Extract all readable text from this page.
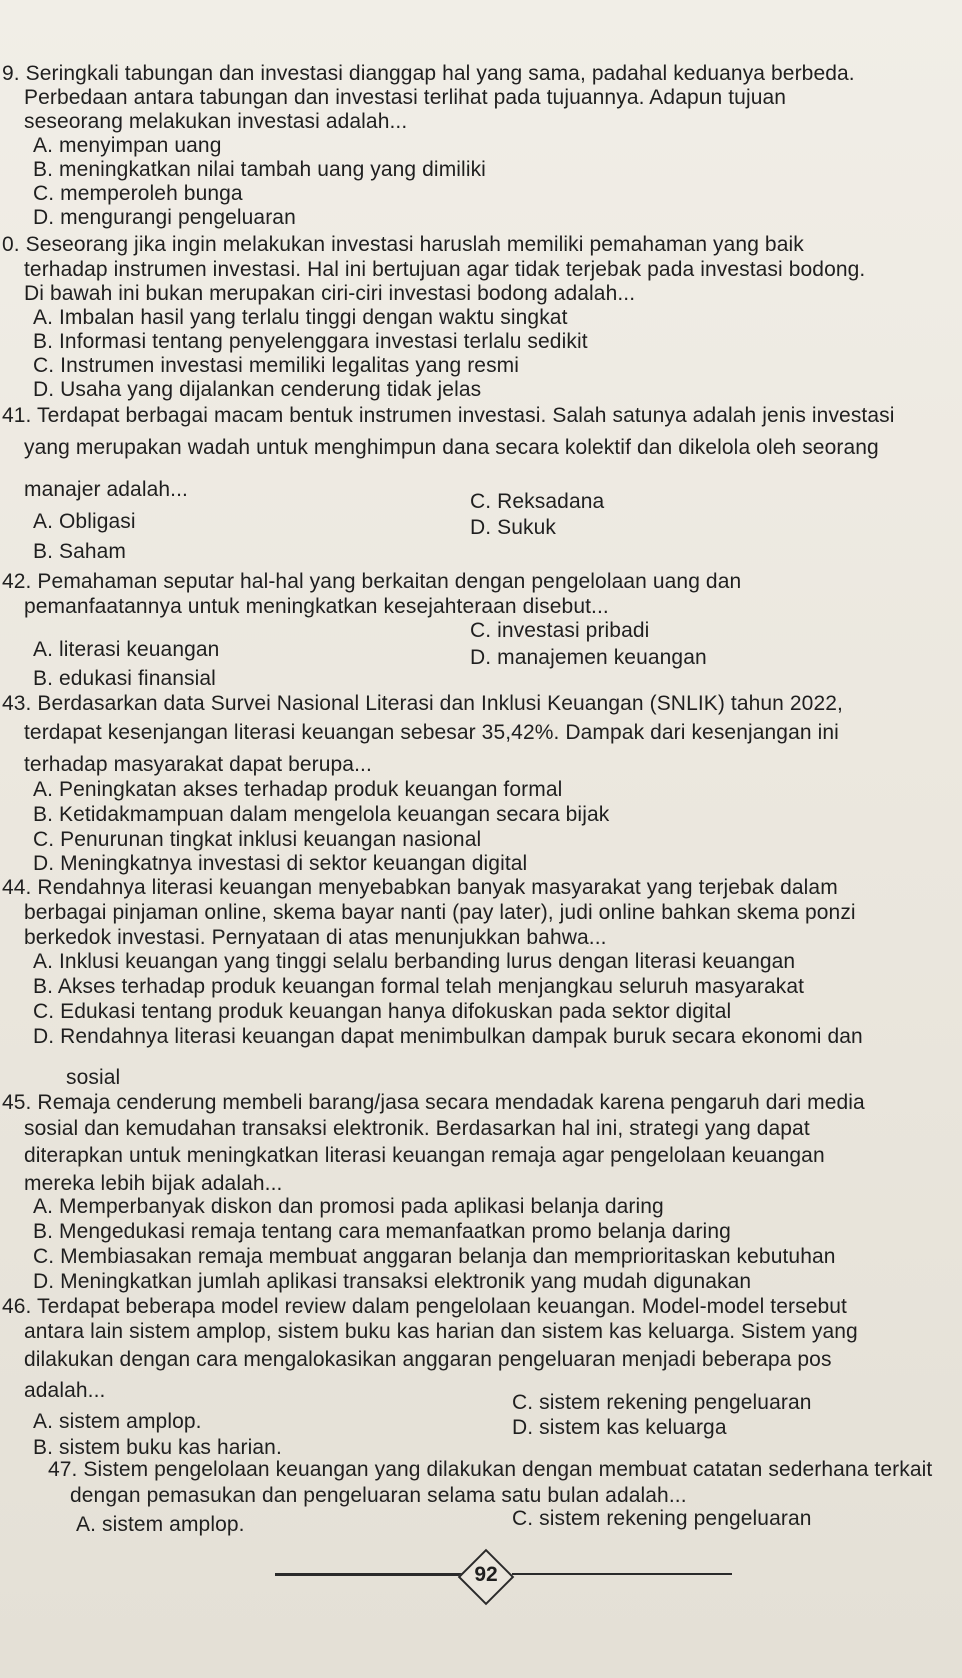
9. Seringkali tabungan dan investasi dianggap hal yang sama, padahal keduanya berbeda.
Perbedaan antara tabungan dan investasi terlihat pada tujuannya. Adapun tujuan
seseorang melakukan investasi adalah...
A. menyimpan uang
B. meningkatkan nilai tambah uang yang dimiliki
C. memperoleh bunga
D. mengurangi pengeluaran
0. Seseorang jika ingin melakukan investasi haruslah memiliki pemahaman yang baik
terhadap instrumen investasi. Hal ini bertujuan agar tidak terjebak pada investasi bodong.
Di bawah ini bukan merupakan ciri-ciri investasi bodong adalah...
A. Imbalan hasil yang terlalu tinggi dengan waktu singkat
B. Informasi tentang penyelenggara investasi terlalu sedikit
C. Instrumen investasi memiliki legalitas yang resmi
D. Usaha yang dijalankan cenderung tidak jelas
41. Terdapat berbagai macam bentuk instrumen investasi. Salah satunya adalah jenis investasi
yang merupakan wadah untuk menghimpun dana secara kolektif dan dikelola oleh seorang
manajer adalah...
C. Reksadana
A. Obligasi	D. Sukuk
B. Saham
42. Pemahaman seputar hal-hal yang berkaitan dengan pengelolaan uang dan
pemanfaatannya untuk meningkatkan kesejahteraan disebut...
C. investasi pribadi
A. literasi keuangan	D. manajemen keuangan
B. edukasi finansial
43. Berdasarkan data Survei Nasional Literasi dan Inklusi Keuangan (SNLIK) tahun 2022,
terdapat kesenjangan literasi keuangan sebesar 35,42%. Dampak dari kesenjangan ini
terhadap masyarakat dapat berupa...
A. Peningkatan akses terhadap produk keuangan formal
B. Ketidakmampuan dalam mengelola keuangan secara bijak
C. Penurunan tingkat inklusi keuangan nasional
D. Meningkatnya investasi di sektor keuangan digital
44. Rendahnya literasi keuangan menyebabkan banyak masyarakat yang terjebak dalam
berbagai pinjaman online, skema bayar nanti (pay later), judi online bahkan skema ponzi
berkedok investasi. Pernyataan di atas menunjukkan bahwa...
A. Inklusi keuangan yang tinggi selalu berbanding lurus dengan literasi keuangan
B. Akses terhadap produk keuangan formal telah menjangkau seluruh masyarakat
C. Edukasi tentang produk keuangan hanya difokuskan pada sektor digital
D. Rendahnya literasi keuangan dapat menimbulkan dampak buruk secara ekonomi dan
sosial
45. Remaja cenderung membeli barang/jasa secara mendadak karena pengaruh dari media
sosial dan kemudahan transaksi elektronik. Berdasarkan hal ini, strategi yang dapat
diterapkan untuk meningkatkan literasi keuangan remaja agar pengelolaan keuangan
mereka lebih bijak adalah...
A. Memperbanyak diskon dan promosi pada aplikasi belanja daring
B. Mengedukasi remaja tentang cara memanfaatkan promo belanja daring
C. Membiasakan remaja membuat anggaran belanja dan memprioritaskan kebutuhan
D. Meningkatkan jumlah aplikasi transaksi elektronik yang mudah digunakan
46. Terdapat beberapa model review dalam pengelolaan keuangan. Model-model tersebut
antara lain sistem amplop, sistem buku kas harian dan sistem kas keluarga. Sistem yang
dilakukan dengan cara mengalokasikan anggaran pengeluaran menjadi beberapa pos
adalah...
C. sistem rekening pengeluaran
A. sistem amplop.	D. sistem kas keluarga
B. sistem buku kas harian.
47. Sistem pengelolaan keuangan yang dilakukan dengan membuat catatan sederhana terkait
dengan pemasukan dan pengeluaran selama satu bulan adalah...
C. sistem rekening pengeluaran
A. sistem amplop.
92
